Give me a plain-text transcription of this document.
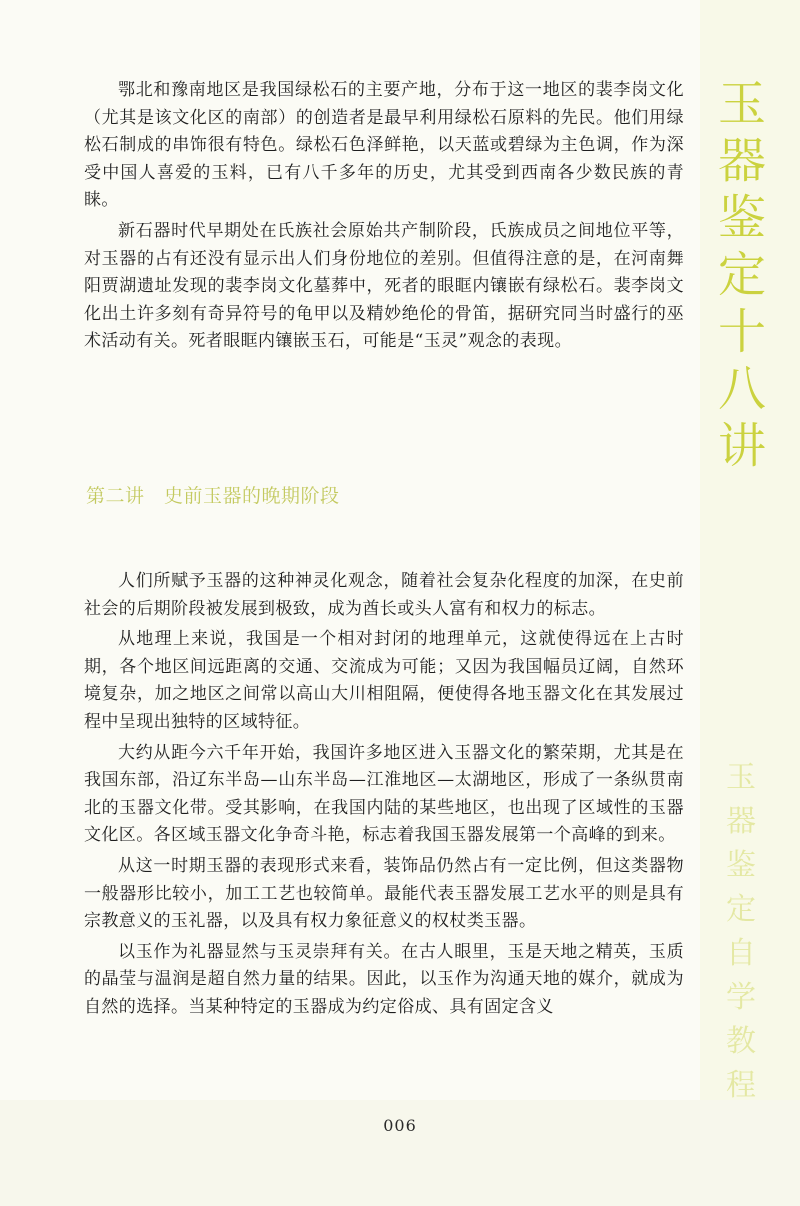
鄂北和豫南地区是我国绿松石的主要产地，分布于这一地区的裴李岗文化（尤其是该文化区的南部）的创造者是最早利用绿松石原料的先民。他们用绿松石制成的串饰很有特色。绿松石色泽鲜艳，以天蓝或碧绿为主色调，作为深受中国人喜爱的玉料，已有八千多年的历史，尤其受到西南各少数民族的青睐。

新石器时代早期处在氏族社会原始共产制阶段，氏族成员之间地位平等，对玉器的占有还没有显示出人们身份地位的差别。但值得注意的是，在河南舞阳贾湖遗址发现的裴李岗文化墓葬中，死者的眼眶内镶嵌有绿松石。裴李岗文化出土许多刻有奇异符号的龟甲以及精妙绝伦的骨笛，据研究同当时盛行的巫术活动有关。死者眼眶内镶嵌玉石，可能是“玉灵”观念的表现。

第二讲　史前玉器的晚期阶段

人们所赋予玉器的这种神灵化观念，随着社会复杂化程度的加深，在史前社会的后期阶段被发展到极致，成为酋长或头人富有和权力的标志。

从地理上来说，我国是一个相对封闭的地理单元，这就使得远在上古时期，各个地区间远距离的交通、交流成为可能；又因为我国幅员辽阔，自然环境复杂，加之地区之间常以高山大川相阻隔，便使得各地玉器文化在其发展过程中呈现出独特的区域特征。

大约从距今六千年开始，我国许多地区进入玉器文化的繁荣期，尤其是在我国东部，沿辽东半岛—山东半岛—江淮地区—太湖地区，形成了一条纵贯南北的玉器文化带。受其影响，在我国内陆的某些地区，也出现了区域性的玉器文化区。各区域玉器文化争奇斗艳，标志着我国玉器发展第一个高峰的到来。

从这一时期玉器的表现形式来看，装饰品仍然占有一定比例，但这类器物一般器形比较小，加工工艺也较简单。最能代表玉器发展工艺水平的则是具有宗教意义的玉礼器，以及具有权力象征意义的权杖类玉器。

以玉作为礼器显然与玉灵崇拜有关。在古人眼里，玉是天地之精英，玉质的晶莹与温润是超自然力量的结果。因此，以玉作为沟通天地的媒介，就成为自然的选择。当某种特定的玉器成为约定俗成、具有固定含义

玉
器
鉴
定
十
八
讲
玉
器
鉴
定
自
学
教
程
006
